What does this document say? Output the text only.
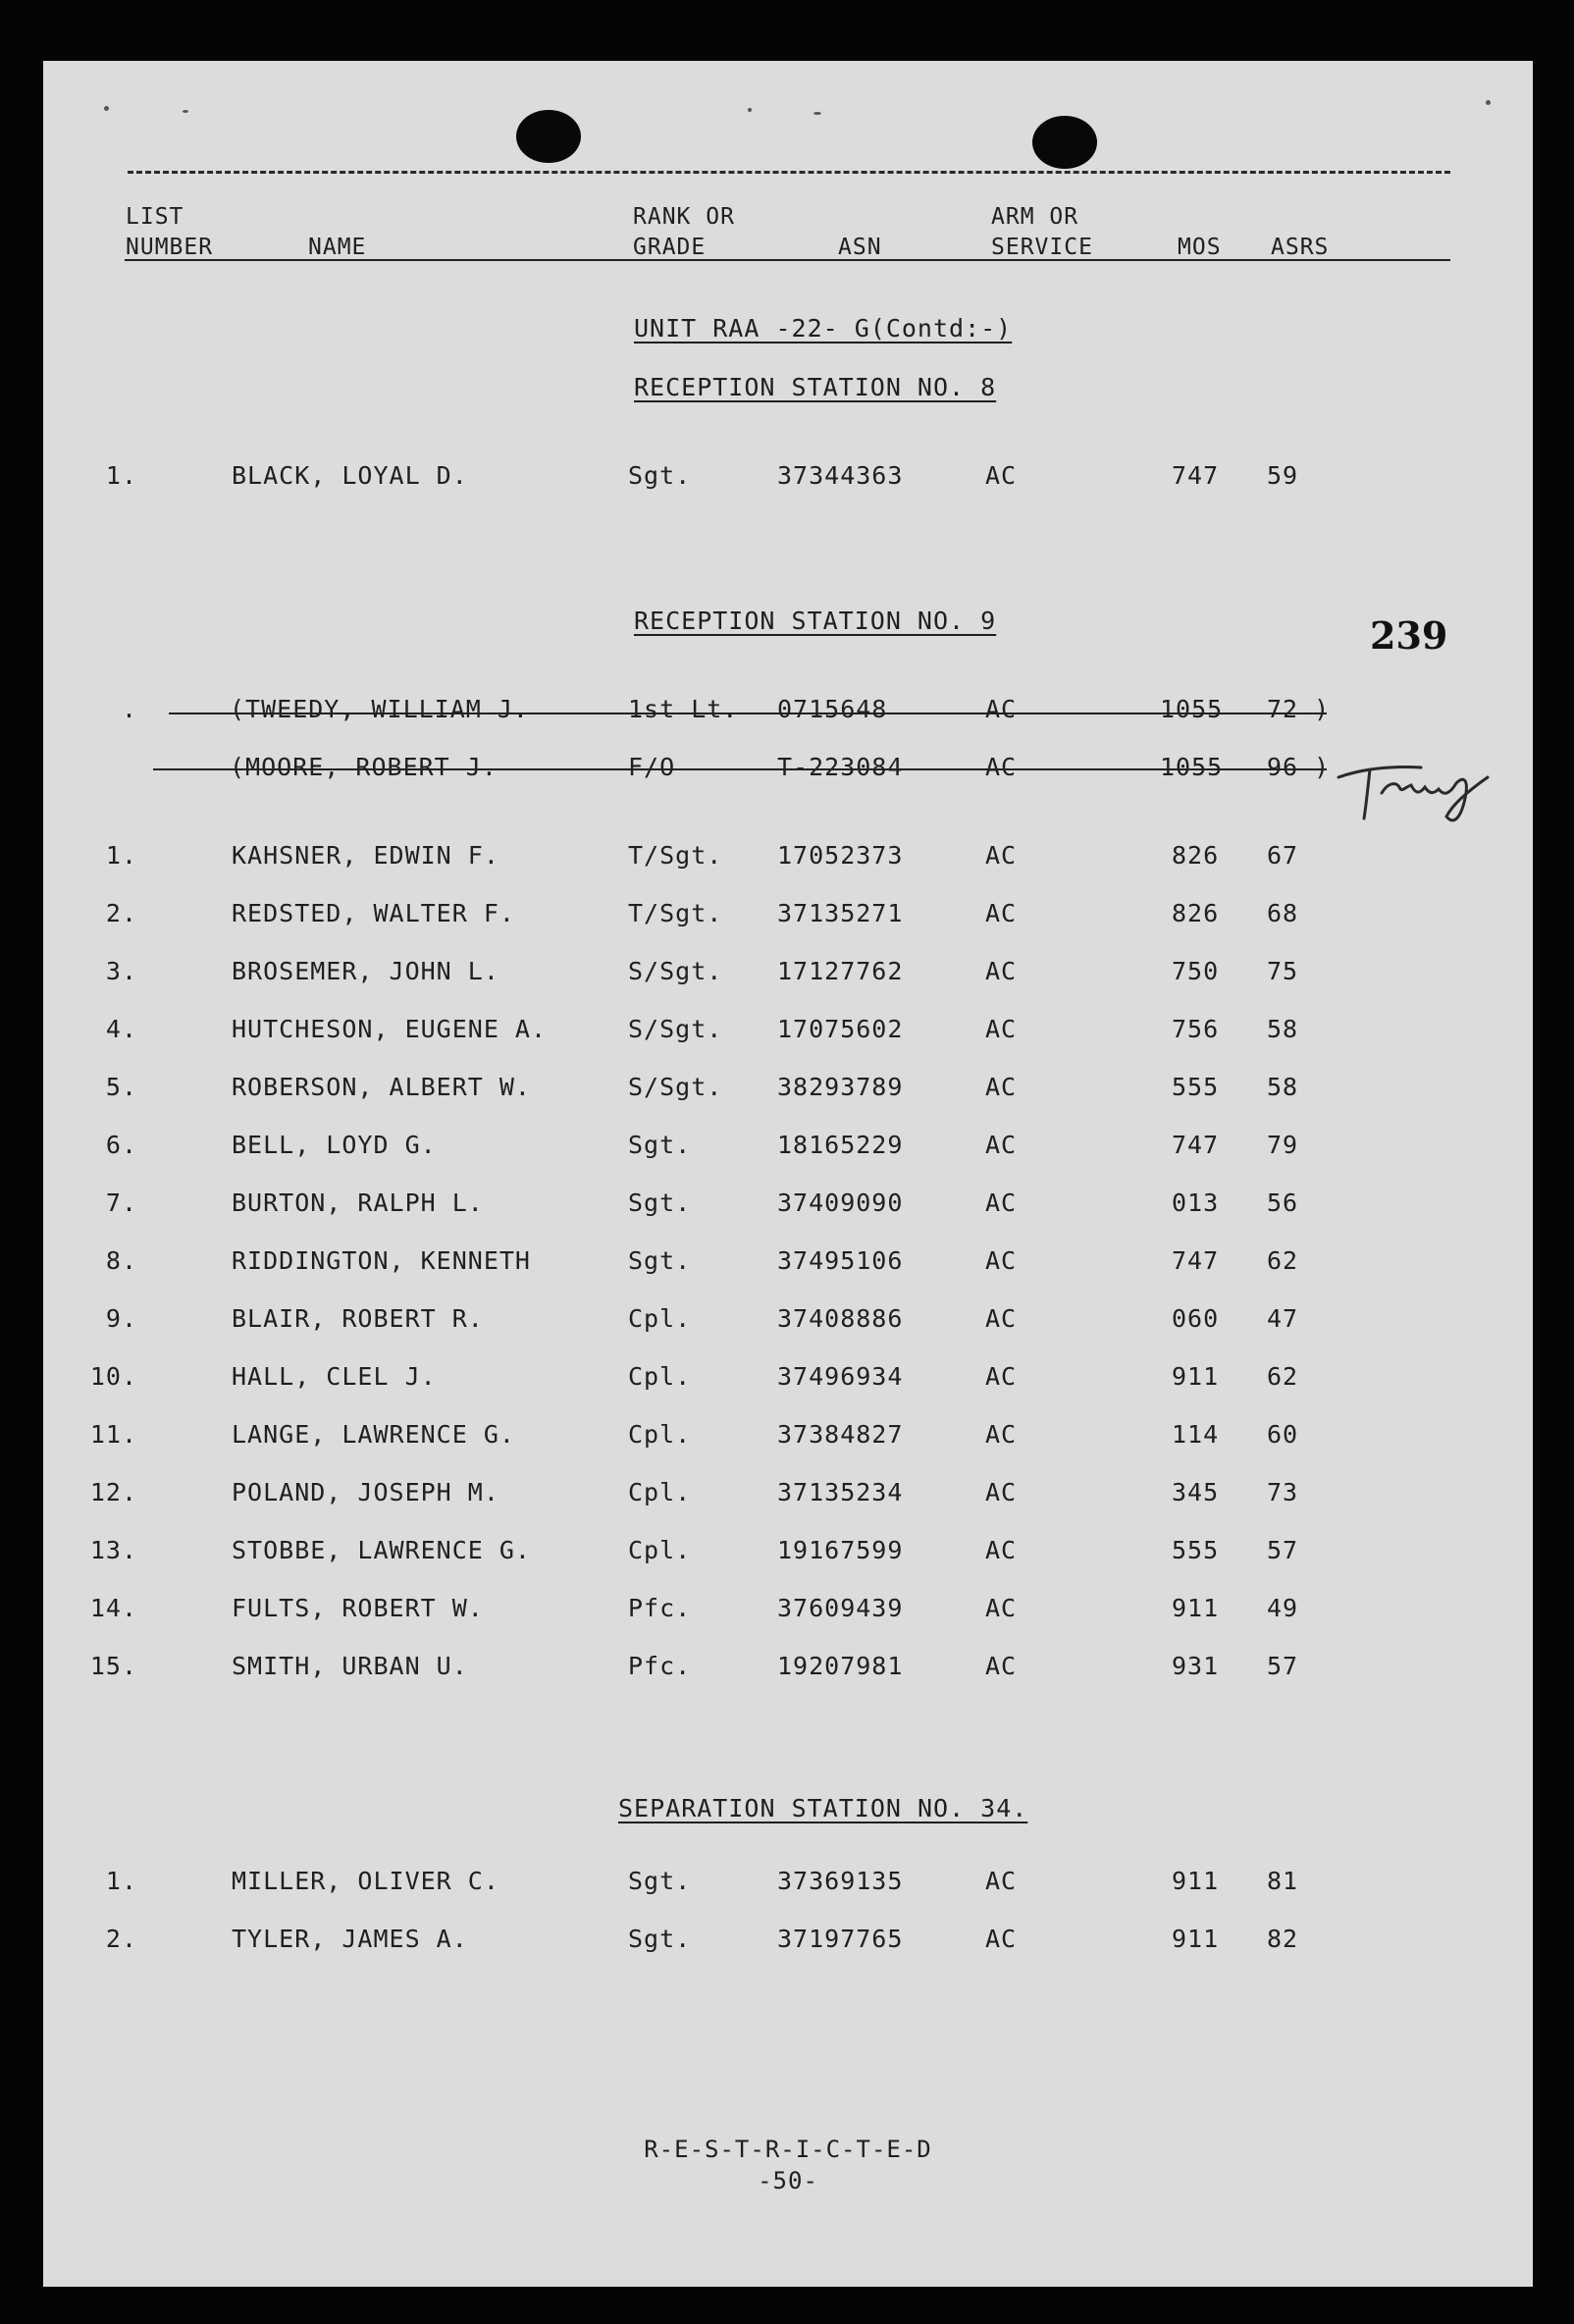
LIST
NUMBER	NAME
RANK OR
GRADE	ASN
ARM OR
SERVICE	MOS ASRS
UNIT RAA -22- G(Contd:-)
RECEPTION STATION NO. 8
1.	BLACK, LOYAL D.	Sgt.	37344363	AC	747 59
RECEPTION STATION NO. 9	239
.	(TWEEDY, WILLIAM J.	1st Lt. 0715648	AC	1055 72 )
(MOORE, ROBERT J.	F/O	T-223084	AC	1055 96 )
1.	KAHSNER, EDWIN F.	T/Sgt. 17052373	AC	826 67
2.	REDSTED, WALTER F.	T/Sgt. 37135271	AC	826 68
3.	BROSEMER, JOHN L.	S/Sgt. 17127762	AC	750 75
4.	HUTCHESON, EUGENE A.	S/Sgt. 17075602	AC	756 58
5.	ROBERSON, ALBERT W.	S/Sgt. 38293789	AC	555 58
6.	BELL, LOYD G.	Sgt.	18165229	AC	747 79
7.	BURTON, RALPH L.	Sgt.	37409090	AC	013 56
8.	RIDDINGTON, KENNETH	Sgt.	37495106	AC	747 62
9.	BLAIR, ROBERT R.	Cpl.	37408886	AC	060 47
10.	HALL, CLEL J.	Cpl.	37496934	AC	911 62
11.	LANGE, LAWRENCE G.	Cpl.	37384827	AC	114 60
12.	POLAND, JOSEPH M.	Cpl.	37135234	AC	345 73
13.	STOBBE, LAWRENCE G.	Cpl.	19167599	AC	555 57
14.	FULTS, ROBERT W.	Pfc.	37609439	AC	911 49
15.	SMITH, URBAN U.	Pfc.	19207981	AC	931 57
SEPARATION STATION NO. 34.
1.	MILLER, OLIVER C.	Sgt.	37369135	AC	911 81
2.	TYLER, JAMES A.	Sgt.	37197765	AC	911 82
R-E-S-T-R-I-C-T-E-D
-50-
